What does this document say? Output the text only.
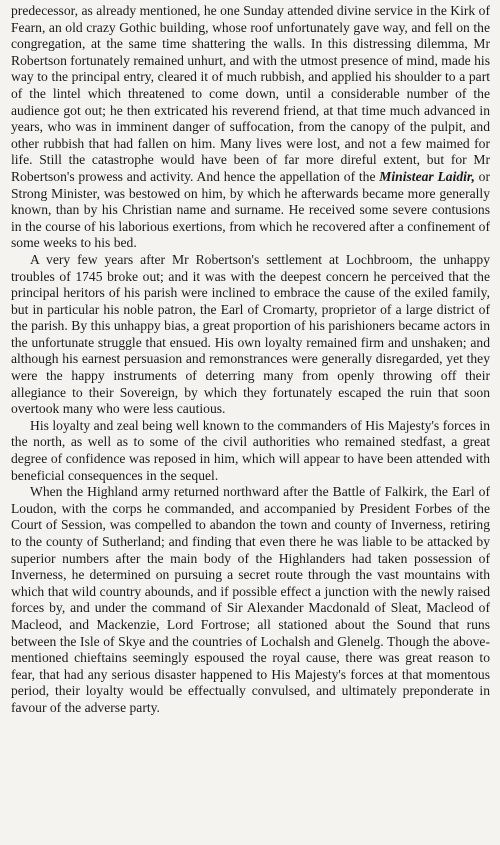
predecessor, as already mentioned, he one Sunday attended divine service in the Kirk of Fearn, an old crazy Gothic building, whose roof unfortunately gave way, and fell on the congregation, at the same time shattering the walls. In this distressing dilemma, Mr Robertson fortunately remained unhurt, and with the utmost presence of mind, made his way to the principal entry, cleared it of much rubbish, and applied his shoulder to a part of the lintel which threatened to come down, until a considerable number of the audience got out; he then extricated his reverend friend, at that time much advanced in years, who was in imminent danger of suffocation, from the canopy of the pulpit, and other rubbish that had fallen on him. Many lives were lost, and not a few maimed for life. Still the catastrophe would have been of far more direful extent, but for Mr Robertson's prowess and activity. And hence the appellation of the Ministear Laidir, or Strong Minister, was bestowed on him, by which he afterwards became more generally known, than by his Christian name and surname. He received some severe contusions in the course of his laborious exertions, from which he recovered after a confinement of some weeks to his bed.

A very few years after Mr Robertson's settlement at Lochbroom, the unhappy troubles of 1745 broke out; and it was with the deepest concern he perceived that the principal heritors of his parish were inclined to embrace the cause of the exiled family, but in particular his noble patron, the Earl of Cromarty, proprietor of a large district of the parish. By this unhappy bias, a great proportion of his parishioners became actors in the unfortunate struggle that ensued. His own loyalty remained firm and unshaken; and although his earnest persuasion and remonstrances were generally disregarded, yet they were the happy instruments of deterring many from openly throwing off their allegiance to their Sovereign, by which they fortunately escaped the ruin that soon overtook many who were less cautious.

His loyalty and zeal being well known to the commanders of His Majesty's forces in the north, as well as to some of the civil authorities who remained stedfast, a great degree of confidence was reposed in him, which will appear to have been attended with beneficial consequences in the sequel.

When the Highland army returned northward after the Battle of Falkirk, the Earl of Loudon, with the corps he commanded, and accompanied by President Forbes of the Court of Session, was compelled to abandon the town and county of Inverness, retiring to the county of Sutherland; and finding that even there he was liable to be attacked by superior numbers after the main body of the Highlanders had taken possession of Inverness, he determined on pursuing a secret route through the vast mountains with which that wild country abounds, and if possible effect a junction with the newly raised forces by, and under the command of Sir Alexander Macdonald of Sleat, Macleod of Macleod, and Mackenzie, Lord Fortrose; all stationed about the Sound that runs between the Isle of Skye and the countries of Lochalsh and Glenelg. Though the above-mentioned chieftains seemingly espoused the royal cause, there was great reason to fear, that had any serious disaster happened to His Majesty's forces at that momentous period, their loyalty would be effectually convulsed, and ultimately preponderate in favour of the adverse party.
